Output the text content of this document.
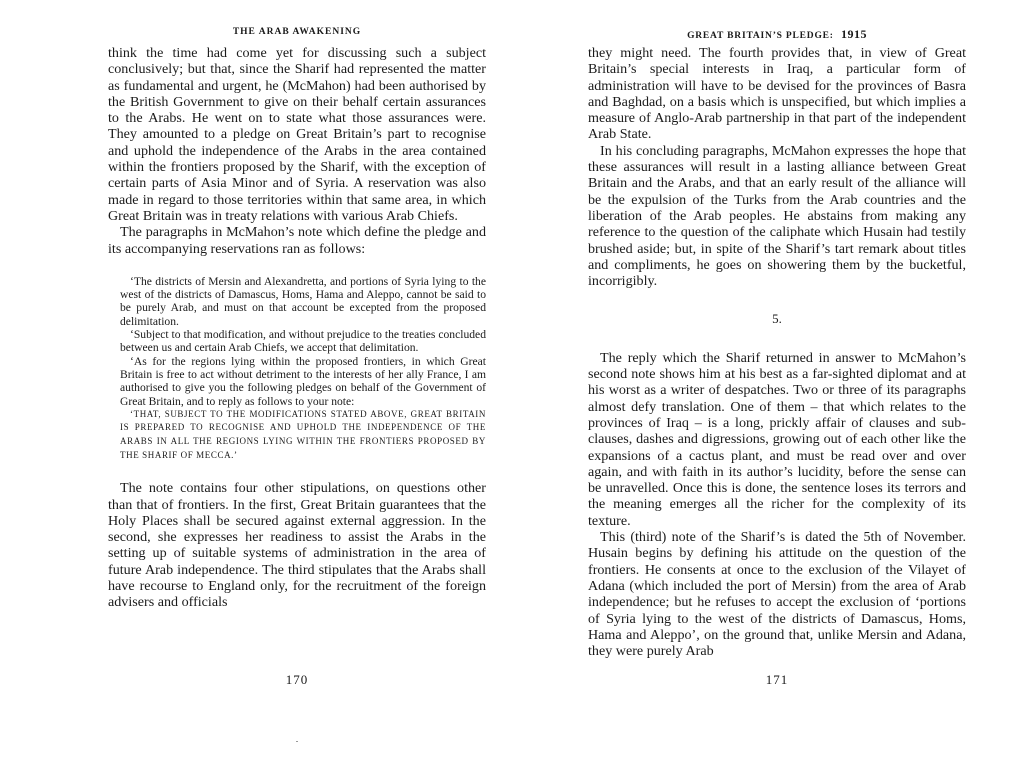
THE ARAB AWAKENING

think the time had come yet for discussing such a subject conclusively; but that, since the Sharif had represented the matter as fundamental and urgent, he (McMahon) had been authorised by the British Government to give on their behalf certain assurances to the Arabs. He went on to state what those assurances were. They amounted to a pledge on Great Britain’s part to recognise and uphold the independence of the Arabs in the area contained within the frontiers proposed by the Sharif, with the exception of certain parts of Asia Minor and of Syria. A reservation was also made in regard to those territories within that same area, in which Great Britain was in treaty relations with various Arab Chiefs.

The paragraphs in McMahon’s note which define the pledge and its accompanying reservations ran as follows:

‘The districts of Mersin and Alexandretta, and portions of Syria lying to the west of the districts of Damascus, Homs, Hama and Aleppo, cannot be said to be purely Arab, and must on that account be excepted from the proposed delimitation.

‘Subject to that modification, and without prejudice to the treaties concluded between us and certain Arab Chiefs, we accept that delimitation.

‘As for the regions lying within the proposed frontiers, in which Great Britain is free to act without detriment to the interests of her ally France, I am authorised to give you the following pledges on behalf of the Government of Great Britain, and to reply as follows to your note:

‘THAT, SUBJECT TO THE MODIFICATIONS STATED ABOVE, GREAT BRITAIN IS PREPARED TO RECOGNISE AND UPHOLD THE INDEPENDENCE OF THE ARABS IN ALL THE REGIONS LYING WITHIN THE FRONTIERS PROPOSED BY THE SHARIF OF MECCA.’

The note contains four other stipulations, on questions other than that of frontiers. In the first, Great Britain guarantees that the Holy Places shall be secured against external aggression. In the second, she expresses her readiness to assist the Arabs in the setting up of suitable systems of administration in the area of future Arab independence. The third stipulates that the Arabs shall have recourse to England only, for the recruitment of the foreign advisers and officials

170
GREAT BRITAIN’S PLEDGE: 1915

they might need. The fourth provides that, in view of Great Britain’s special interests in Iraq, a particular form of administration will have to be devised for the provinces of Basra and Baghdad, on a basis which is unspecified, but which implies a measure of Anglo-Arab partnership in that part of the independent Arab State.

In his concluding paragraphs, McMahon expresses the hope that these assurances will result in a lasting alliance between Great Britain and the Arabs, and that an early result of the alliance will be the expulsion of the Turks from the Arab countries and the liberation of the Arab peoples. He abstains from making any reference to the question of the caliphate which Husain had testily brushed aside; but, in spite of the Sharif’s tart remark about titles and compliments, he goes on showering them by the bucketful, incorrigibly.

5.

The reply which the Sharif returned in answer to McMahon’s second note shows him at his best as a far-sighted diplomat and at his worst as a writer of despatches. Two or three of its paragraphs almost defy translation. One of them – that which relates to the provinces of Iraq – is a long, prickly affair of clauses and sub-clauses, dashes and digressions, growing out of each other like the expansions of a cactus plant, and must be read over and over again, and with faith in its author’s lucidity, before the sense can be unravelled. Once this is done, the sentence loses its terrors and the meaning emerges all the richer for the complexity of its texture.

This (third) note of the Sharif’s is dated the 5th of November. Husain begins by defining his attitude on the question of the frontiers. He consents at once to the exclusion of the Vilayet of Adana (which included the port of Mersin) from the area of Arab independence; but he refuses to accept the exclusion of ‘portions of Syria lying to the west of the districts of Damascus, Homs, Hama and Aleppo’, on the ground that, unlike Mersin and Adana, they were purely Arab

171
